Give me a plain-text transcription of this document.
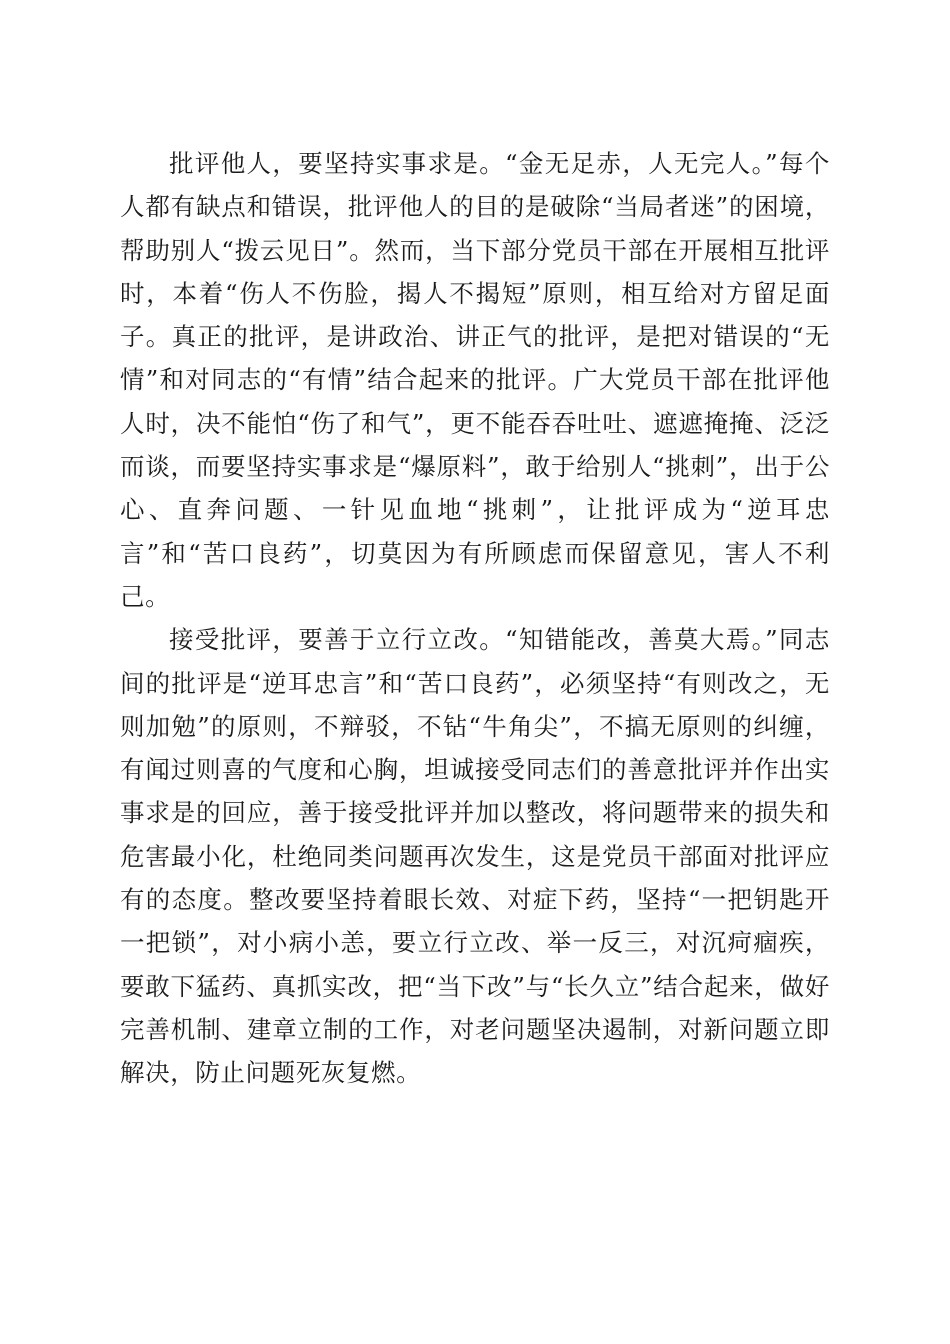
批评他人，要坚持实事求是。“金无足赤，人无完人。”每个人都有缺点和错误，批评他人的目的是破除“当局者迷”的困境，帮助别人“拨云见日”。然而，当下部分党员干部在开展相互批评时，本着“伤人不伤脸，揭人不揭短”原则，相互给对方留足面子。真正的批评，是讲政治、讲正气的批评，是把对错误的“无情”和对同志的“有情”结合起来的批评。广大党员干部在批评他人时，决不能怕“伤了和气”，更不能吞吞吐吐、遮遮掩掩、泛泛而谈，而要坚持实事求是“爆原料”，敢于给别人“挑刺”，出于公心、直奔问题、一针见血地“挑刺”，让批评成为“逆耳忠言”和“苦口良药”，切莫因为有所顾虑而保留意见，害人不利己。

接受批评，要善于立行立改。“知错能改，善莫大焉。”同志间的批评是“逆耳忠言”和“苦口良药”，必须坚持“有则改之，无则加勉”的原则，不辩驳，不钻“牛角尖”，不搞无原则的纠缠，有闻过则喜的气度和心胸，坦诚接受同志们的善意批评并作出实事求是的回应，善于接受批评并加以整改，将问题带来的损失和危害最小化，杜绝同类问题再次发生，这是党员干部面对批评应有的态度。整改要坚持着眼长效、对症下药，坚持“一把钥匙开一把锁”，对小病小恙，要立行立改、举一反三，对沉疴痼疾，要敢下猛药、真抓实改，把“当下改”与“长久立”结合起来，做好完善机制、建章立制的工作，对老问题坚决遏制，对新问题立即解决，防止问题死灰复燃。
